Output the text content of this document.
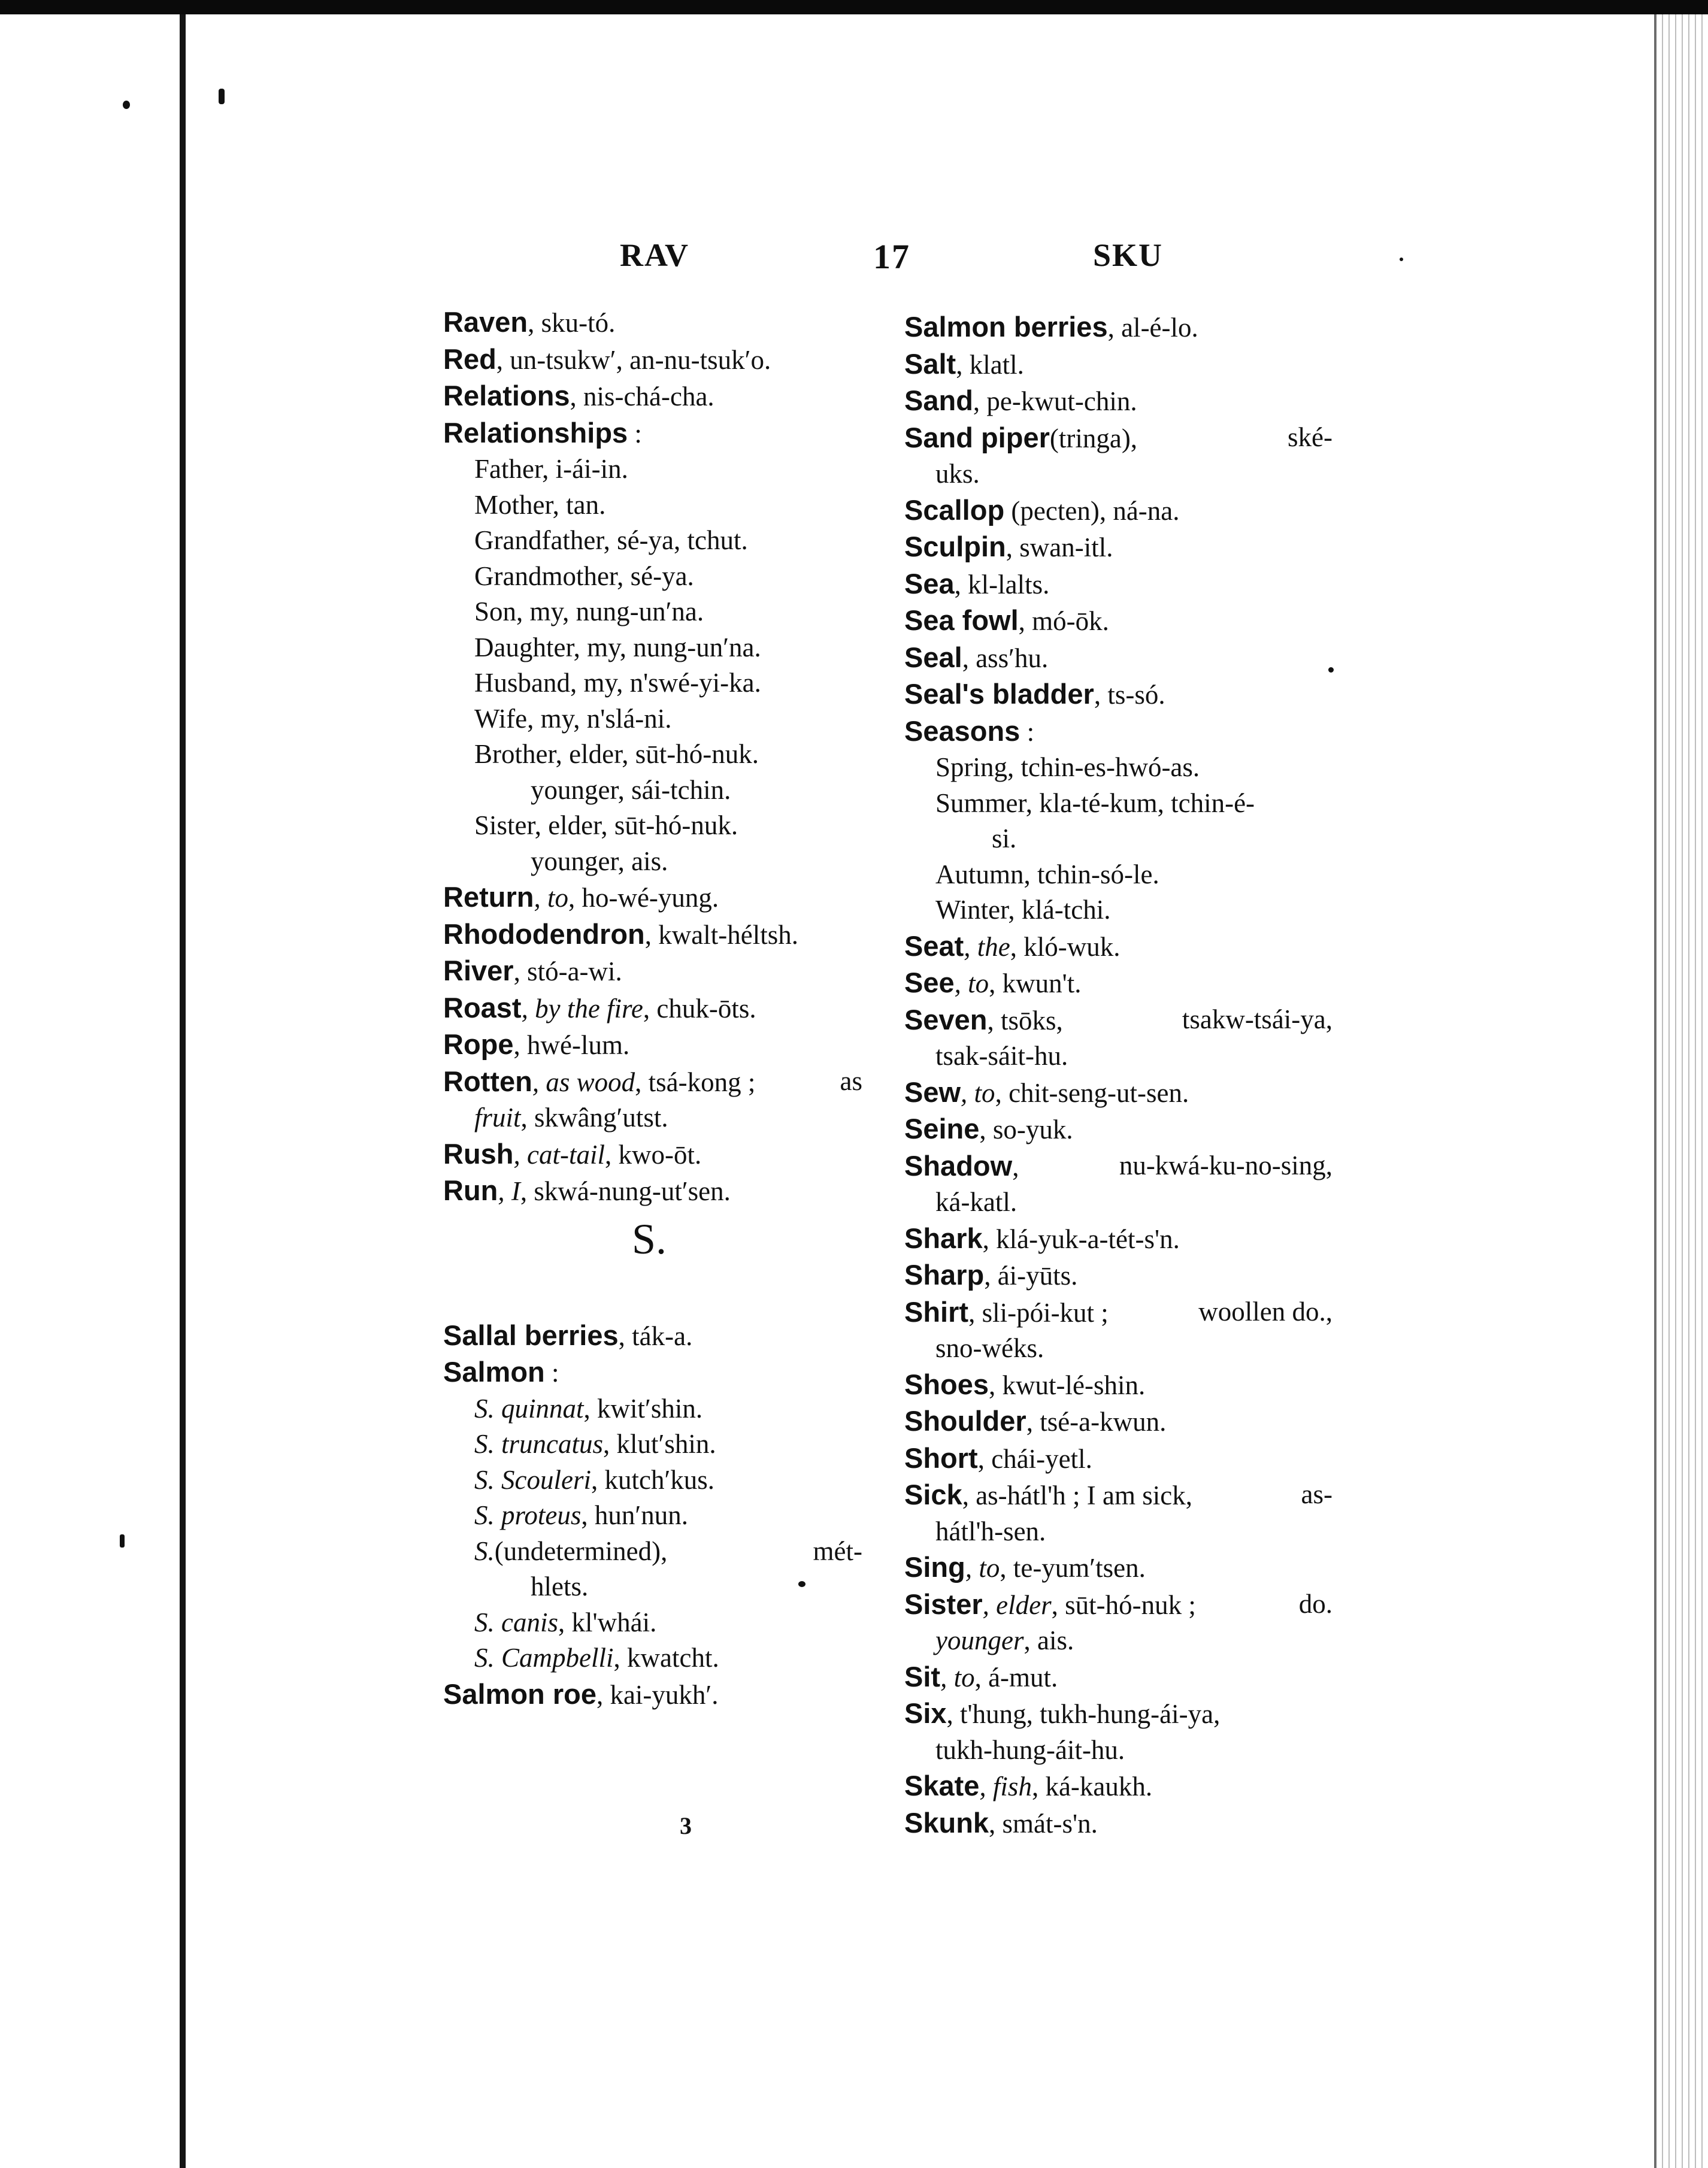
RAV	17	SKU
Raven, sku-tó.
Red, un-tsukw′, an-nu-tsuk′o.
Relations, nis-chá-cha.
Relationships :
Father, i-ái-in.
Mother, tan.
Grandfather, sé-ya, tchut.
Grandmother, sé-ya.
Son, my, nung-un′na.
Daughter, my, nung-un′na.
Husband, my, n'swé-yi-ka.
Wife, my, n'slá-ni.
Brother, elder, sūt-hó-nuk.
younger, sái-tchin.
Sister, elder, sūt-hó-nuk.
younger, ais.
Return, to, ho-wé-yung.
Rhododendron, kwalt-héltsh.
River, stó-a-wi.
Roast, by the fire, chuk-ōts.
Rope, hwé-lum.
Rotten, as wood, tsá-kong ;	as
fruit, skwâng′utst.
Rush, cat-tail, kwo-ōt.
Run, I, skwá-nung-ut′sen.
S.
Sallal berries, ták-a.
Salmon :
S. quinnat, kwit′shin.
S. truncatus, klut′shin.
S. Scouleri, kutch′kus.
S. proteus, hun′nun.
S.(undetermined),	mét-
hlets.
S. canis, kl'whái.
S. Campbelli, kwatcht.
Salmon roe, kai-yukh′.
Salmon berries, al-é-lo.
Salt, klatl.
Sand, pe-kwut-chin.
Sand piper(tringa),	ské-
uks.
Scallop (pecten), ná-na.
Sculpin, swan-itl.
Sea, kl-lalts.
Sea fowl, mó-ōk.
Seal, ass′hu.
Seal's bladder, ts-só.
Seasons :
Spring, tchin-es-hwó-as.
Summer, kla-té-kum, tchin-é-
si.
Autumn, tchin-só-le.
Winter, klá-tchi.
Seat, the, kló-wuk.
See, to, kwun't.
Seven, tsōks,	tsakw-tsái-ya,
tsak-sáit-hu.
Sew, to, chit-seng-ut-sen.
Seine, so-yuk.
Shadow,	nu-kwá-ku-no-sing,
ká-katl.
Shark, klá-yuk-a-tét-s'n.
Sharp, ái-yūts.
Shirt, sli-pói-kut ;	woollen do.,
sno-wéks.
Shoes, kwut-lé-shin.
Shoulder, tsé-a-kwun.
Short, chái-yetl.
Sick, as-hátl'h ; I am sick,	as-
hátl'h-sen.
Sing, to, te-yum′tsen.
Sister, elder, sūt-hó-nuk ;	do.
younger, ais.
Sit, to, á-mut.
Six, t'hung, tukh-hung-ái-ya,
tukh-hung-áit-hu.
Skate, fish, ká-kaukh.
Skunk, smát-s'n.
3
